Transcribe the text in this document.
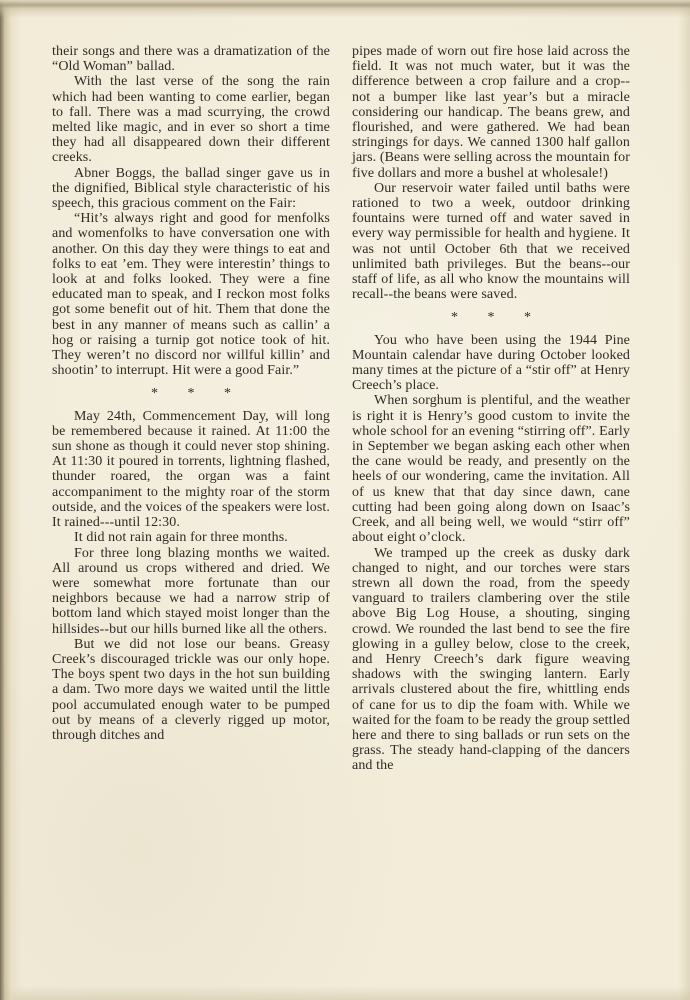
their songs and there was a dramatization of the “Old Woman” ballad.

With the last verse of the song the rain which had been wanting to come earlier, began to fall. There was a mad scurrying, the crowd melted like magic, and in ever so short a time they had all disappeared down their different creeks.

Abner Boggs, the ballad singer gave us in the dignified, Biblical style characteristic of his speech, this gracious comment on the Fair:

“Hit’s always right and good for menfolks and womenfolks to have conversation one with another. On this day they were things to eat and folks to eat ’em. They were interestin’ things to look at and folks looked. They were a fine educated man to speak, and I reckon most folks got some benefit out of hit. Them that done the best in any manner of means such as callin’ a hog or raising a turnip got notice took of hit. They weren’t no discord nor willful killin’ and shootin’ to interrupt. Hit were a good Fair.”

* * *

May 24th, Commencement Day, will long be remembered because it rained. At 11:00 the sun shone as though it could never stop shining. At 11:30 it poured in torrents, lightning flashed, thunder roared, the organ was a faint accompaniment to the mighty roar of the storm outside, and the voices of the speakers were lost. It rained---until 12:30.

It did not rain again for three months.

For three long blazing months we waited. All around us crops withered and dried. We were somewhat more fortunate than our neighbors because we had a narrow strip of bottom land which stayed moist longer than the hillsides--but our hills burned like all the others.

But we did not lose our beans. Greasy Creek’s discouraged trickle was our only hope. The boys spent two days in the hot sun building a dam. Two more days we waited until the little pool accumulated enough water to be pumped out by means of a cleverly rigged up motor, through ditches and

pipes made of worn out fire hose laid across the field. It was not much water, but it was the difference between a crop failure and a crop--not a bumper like last year’s but a miracle considering our handicap. The beans grew, and flourished, and were gathered. We had bean stringings for days. We canned 1300 half gallon jars. (Beans were selling across the mountain for five dollars and more a bushel at wholesale!)

Our reservoir water failed until baths were rationed to two a week, outdoor drinking fountains were turned off and water saved in every way permissible for health and hygiene. It was not until October 6th that we received unlimited bath privileges. But the beans--our staff of life, as all who know the mountains will recall--the beans were saved.

* * *

You who have been using the 1944 Pine Mountain calendar have during October looked many times at the picture of a “stir off” at Henry Creech’s place.

When sorghum is plentiful, and the weather is right it is Henry’s good custom to invite the whole school for an evening “stirring off”. Early in September we began asking each other when the cane would be ready, and presently on the heels of our wondering, came the invitation. All of us knew that that day since dawn, cane cutting had been going along down on Isaac’s Creek, and all being well, we would “stirr off” about eight o’clock.

We tramped up the creek as dusky dark changed to night, and our torches were stars strewn all down the road, from the speedy vanguard to trailers clambering over the stile above Big Log House, a shouting, singing crowd. We rounded the last bend to see the fire glowing in a gulley below, close to the creek, and Henry Creech’s dark figure weaving shadows with the swinging lantern. Early arrivals clustered about the fire, whittling ends of cane for us to dip the foam with. While we waited for the foam to be ready the group settled here and there to sing ballads or run sets on the grass. The steady hand-clapping of the dancers and the
